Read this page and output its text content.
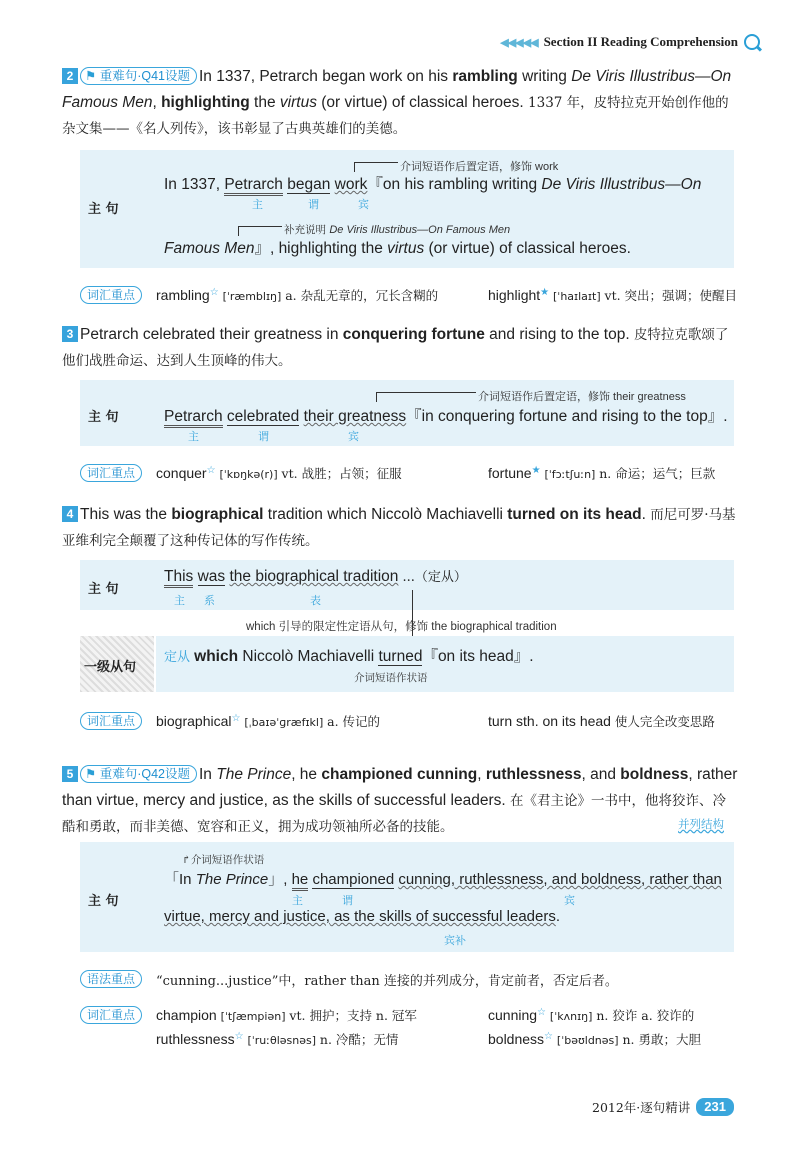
◀◀◀◀◀ Section II Reading Comprehension
2 ⚑ 重难句·Q41设题 In 1337, Petrarch began work on his rambling writing De Viris Illustribus—On Famous Men, highlighting the virtus (or virtue) of classical heroes. 1337 年，皮特拉克开始创作他的杂文集——《名人列传》，该书彰显了古典英雄们的美德。
主 句
介词短语作后置定语，修饰 work
In 1337, Petrarch began work『on his rambling writing De Viris Illustribus—On
主	谓	宾
补充说明 De Viris Illustribus—On Famous Men
Famous Men』, highlighting the virtus (or virtue) of classical heroes.
词汇重点	rambling☆ [ˈræmblɪŋ] a. 杂乱无章的，冗长含糊的	highlight★ [ˈhaɪlaɪt] vt. 突出；强调；使醒目
3 Petrarch celebrated their greatness in conquering fortune and rising to the top. 皮特拉克歌颂了他们战胜命运、达到人生顶峰的伟大。
主 句
介词短语作后置定语，修饰 their greatness
Petrarch celebrated their greatness『in conquering fortune and rising to the top』.
主	谓	宾
词汇重点	conquer☆ [ˈkɒŋkə(r)] vt. 战胜；占领；征服	fortune★ [ˈfɔːtʃuːn] n. 命运；运气；巨款
4 This was the biographical tradition which Niccolò Machiavelli turned on its head. 而尼可罗·马基亚维利完全颠覆了这种传记体的写作传统。
主 句
This was the biographical tradition ...（定从）
主 系	表
which 引导的限定性定语从句，修饰 the biographical tradition
一级从句
定从 which Niccolò Machiavelli turned『on its head』.
介词短语作状语
词汇重点	biographical☆ [ˌbaɪəˈɡræfɪkl] a. 传记的	turn sth. on its head 使人完全改变思路
5 ⚑ 重难句·Q42设题 In The Prince, he championed cunning, ruthlessness, and boldness, rather than virtue, mercy and justice, as the skills of successful leaders. 在《君主论》一书中，他将狡诈、冷酷和勇敢，而非美德、宽容和正义，拥为成功领袖所必备的技能。	并列结构
主 句
↱介词短语作状语
「In The Prince」, he championed cunning, ruthlessness, and boldness, rather than
主	谓	宾
virtue, mercy and justice, as the skills of successful leaders.
宾补
语法重点	“cunning...justice”中，rather than 连接的并列成分，肯定前者，否定后者。
词汇重点	champion [ˈtʃæmpiən] vt. 拥护；支持 n. 冠军	cunning☆ [ˈkʌnɪŋ] n. 狡诈 a. 狡诈的
ruthlessness☆ [ˈruːθləsnəs] n. 冷酷；无情	boldness☆ [ˈbəʊldnəs] n. 勇敢；大胆
2012年·逐句精讲	231
